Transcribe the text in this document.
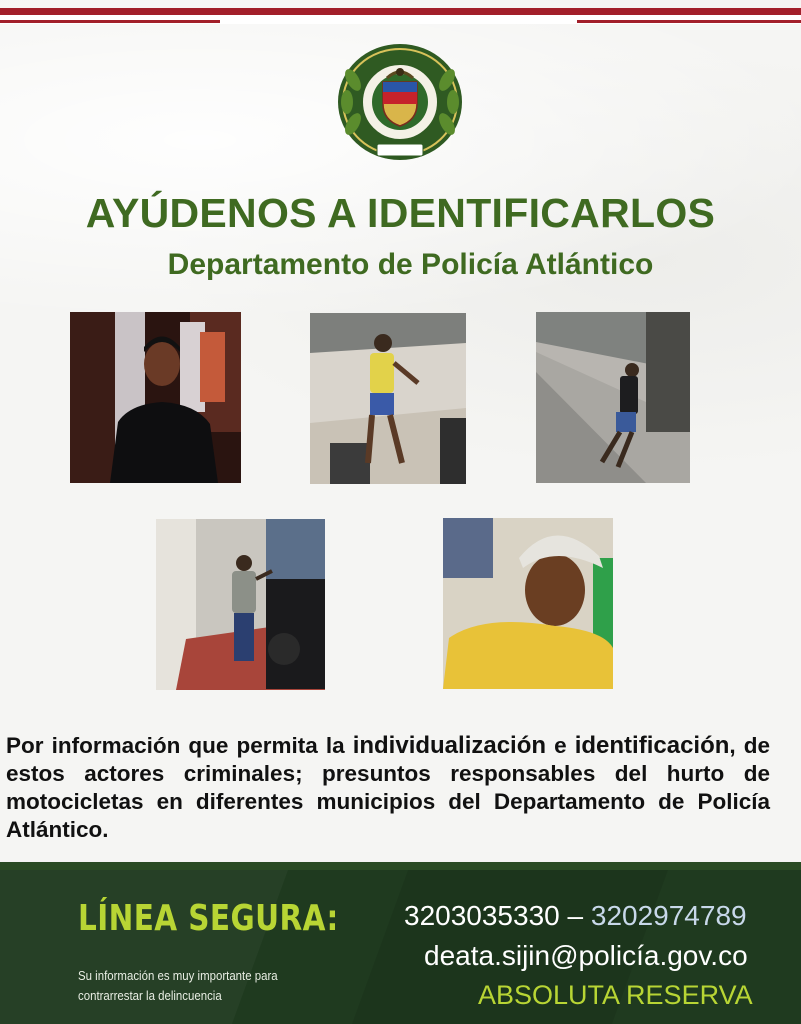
AYÚDENOS A IDENTIFICARLOS
Departamento de Policía Atlántico
Por información que permita la individualización e identificación, de estos actores criminales; presuntos responsables del hurto de motocicletas en diferentes municipios del Departamento de Policía Atlántico.
LÍNEA SEGURA:
Su información es muy importante para contrarrestar la delincuencia
3203035330 – 3202974789
deata.sijin@policía.gov.co
ABSOLUTA RESERVA
